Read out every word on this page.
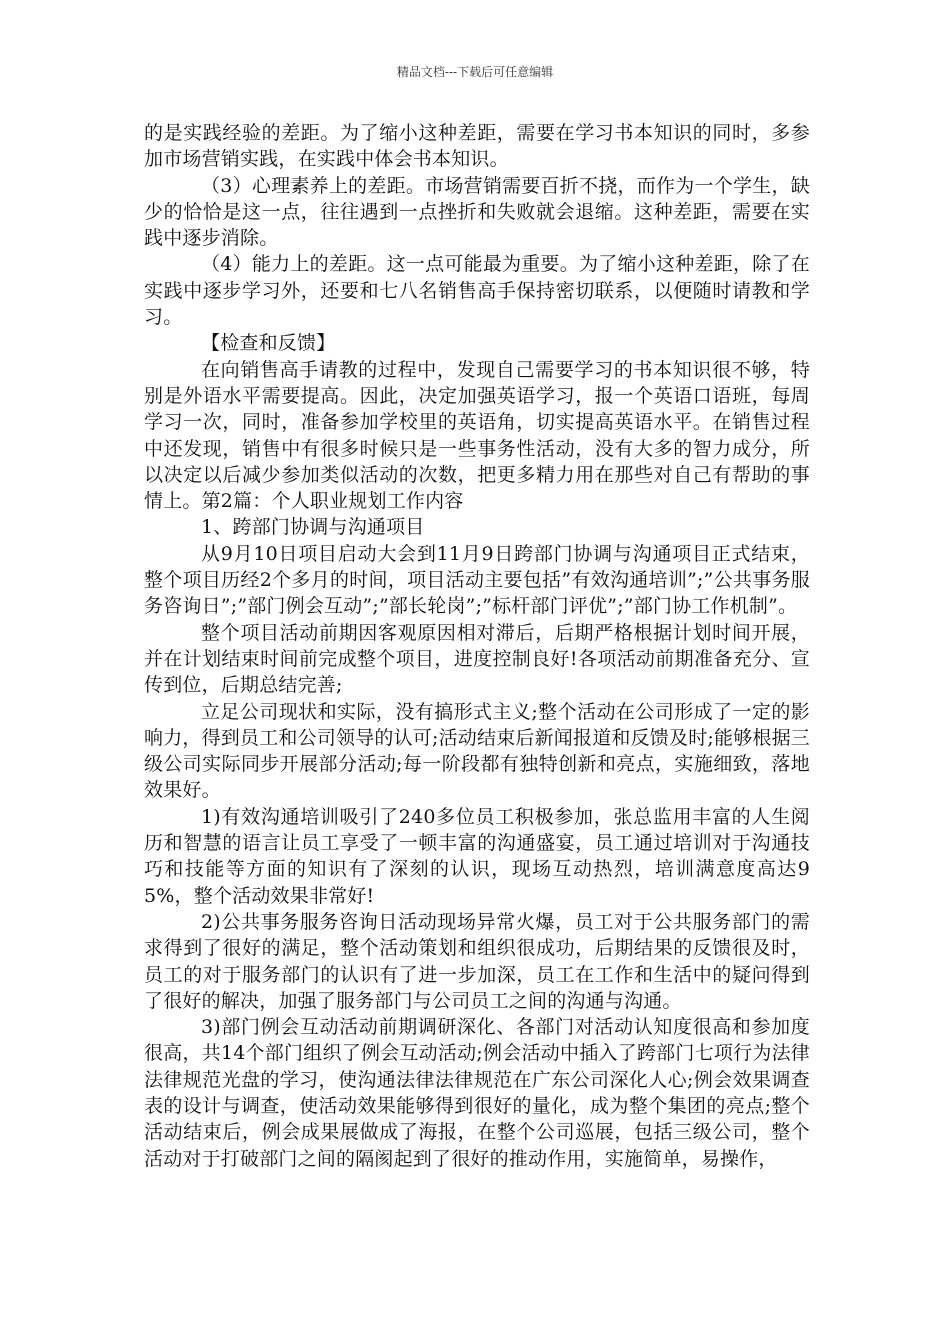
精品文档---下载后可任意编辑

的是实践经验的差距。为了缩小这种差距，需要在学习书本知识的同时，多参加市场营销实践，在实践中体会书本知识。

（3）心理素养上的差距。市场营销需要百折不挠，而作为一个学生，缺少的恰恰是这一点，往往遇到一点挫折和失败就会退缩。这种差距，需要在实践中逐步消除。

（4）能力上的差距。这一点可能最为重要。为了缩小这种差距，除了在实践中逐步学习外，还要和七八名销售高手保持密切联系，以便随时请教和学习。

【检查和反馈】

在向销售高手请教的过程中，发现自己需要学习的书本知识很不够，特别是外语水平需要提高。因此，决定加强英语学习，报一个英语口语班，每周学习一次，同时，准备参加学校里的英语角，切实提高英语水平。在销售过程中还发现，销售中有很多时候只是一些事务性活动，没有大多的智力成分，所以决定以后减少参加类似活动的次数，把更多精力用在那些对自己有帮助的事情上。第2篇：个人职业规划工作内容

1、跨部门协调与沟通项目

从9月10日项目启动大会到11月9日跨部门协调与沟通项目正式结束，整个项目历经2个多月的时间，项目活动主要包括”有效沟通培训”;”公共事务服务咨询日”;”部门例会互动”;”部长轮岗”;”标杆部门评优”;”部门协工作机制”。

整个项目活动前期因客观原因相对滞后，后期严格根据计划时间开展，并在计划结束时间前完成整个项目，进度控制良好!各项活动前期准备充分、宣传到位，后期总结完善;

立足公司现状和实际，没有搞形式主义;整个活动在公司形成了一定的影响力，得到员工和公司领导的认可;活动结束后新闻报道和反馈及时;能够根据三级公司实际同步开展部分活动;每一阶段都有独特创新和亮点，实施细致，落地效果好。

1)有效沟通培训吸引了240多位员工积极参加，张总监用丰富的人生阅历和智慧的语言让员工享受了一顿丰富的沟通盛宴，员工通过培训对于沟通技巧和技能等方面的知识有了深刻的认识，现场互动热烈，培训满意度高达95%，整个活动效果非常好!

2)公共事务服务咨询日活动现场异常火爆，员工对于公共服务部门的需求得到了很好的满足，整个活动策划和组织很成功，后期结果的反馈很及时，员工的对于服务部门的认识有了进一步加深，员工在工作和生活中的疑问得到了很好的解决，加强了服务部门与公司员工之间的沟通与沟通。

3)部门例会互动活动前期调研深化、各部门对活动认知度很高和参加度很高，共14个部门组织了例会互动活动;例会活动中插入了跨部门七项行为法律法律规范光盘的学习，使沟通法律法律规范在广东公司深化人心;例会效果调查表的设计与调查，使活动效果能够得到很好的量化，成为整个集团的亮点;整个活动结束后，例会成果展做成了海报，在整个公司巡展，包括三级公司，整个活动对于打破部门之间的隔阂起到了很好的推动作用，实施简单，易操作，
